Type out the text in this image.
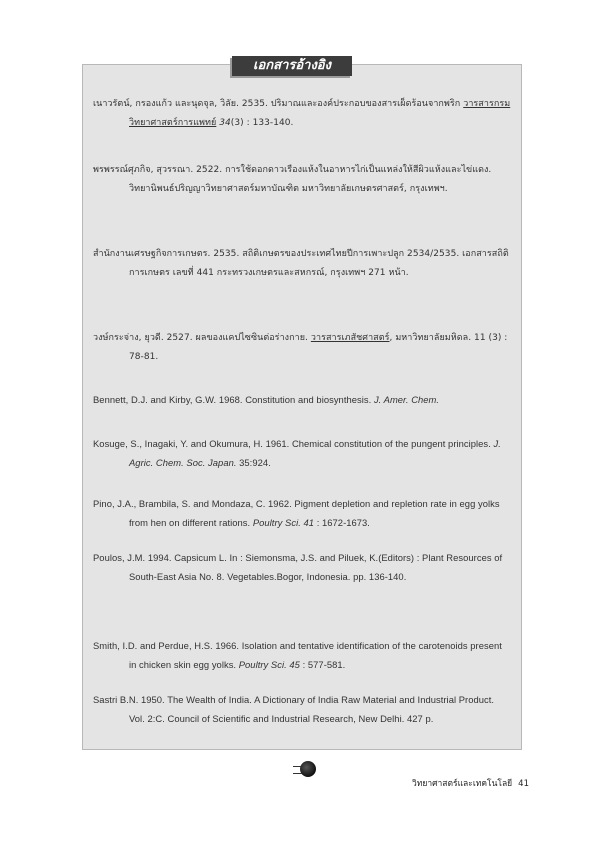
เอกสารอ้างอิง
เนาวรัตน์, กรองแก้ว และนุดจุล, วิลัย. 2535. ปริมาณและองค์ประกอบของสารเผ็ดร้อนจากพริก วารสารกรมวิทยาศาสตร์การแพทย์ 34(3) : 133-140.
พรพรรณ์ศุภกิจ, สุวรรณา. 2522. การใช้ดอกดาวเรืองแห้งในอาหารไก่เป็นแหล่งให้สีผิวแห้งและไข่แดง. วิทยานิพนธ์ปริญญาวิทยาศาสตร์มหาบัณฑิต มหาวิทยาลัยเกษตรศาสตร์, กรุงเทพฯ.
สำนักงานเศรษฐกิจการเกษตร. 2535. สถิติเกษตรของประเทศไทยปีการเพาะปลูก 2534/2535. เอกสารสถิติการเกษตร เลขที่ 441 กระทรวงเกษตรและสหกรณ์, กรุงเทพฯ 271 หน้า.
วงษ์กระจ่าง, ยุวดี. 2527. ผลของแคปไซซินต่อร่างกาย. วารสารเภสัชศาสตร์, มหาวิทยาลัยมหิดล. 11 (3) : 78-81.
Bennett, D.J. and Kirby, G.W. 1968. Constitution and biosynthesis. J. Amer. Chem.
Kosuge, S., Inagaki, Y. and Okumura, H. 1961. Chemical constitution of the pungent principles. J. Agric. Chem. Soc. Japan. 35:924.
Pino, J.A., Brambila, S. and Mondaza, C. 1962. Pigment depletion and repletion rate in egg yolks from hen on different rations. Poultry Sci. 41 : 1672-1673.
Poulos, J.M. 1994. Capsicum L. In : Siemonsma, J.S. and Piluek, K.(Editors) : Plant Resources of South-East Asia No. 8. Vegetables.Bogor, Indonesia. pp. 136-140.
Smith, I.D. and Perdue, H.S. 1966. Isolation and tentative identification of the carotenoids present in chicken skin egg yolks. Poultry Sci. 45 : 577-581.
Sastri B.N. 1950. The Wealth of India. A Dictionary of India Raw Material and Industrial Product. Vol. 2:C. Council of Scientific and Industrial Research, New Delhi. 427 p.
วิทยาศาสตร์และเทคโนโลยี 41
